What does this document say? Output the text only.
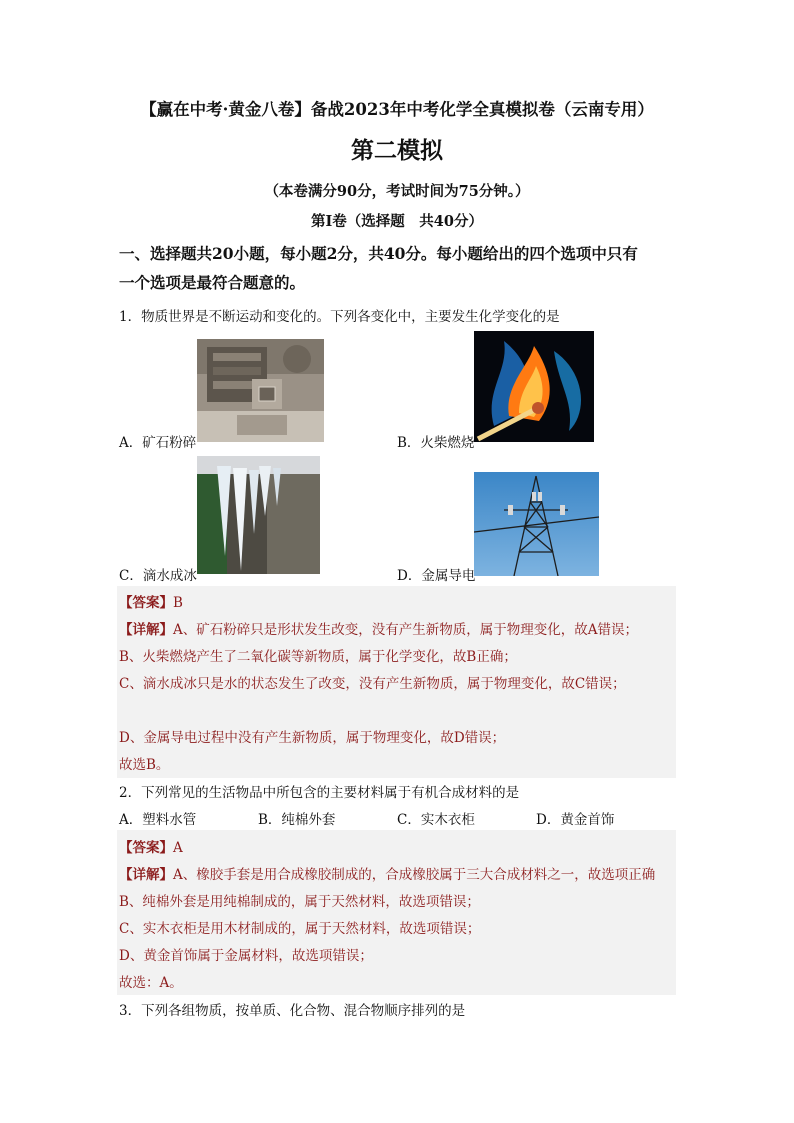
【赢在中考·黄金八卷】备战2023年中考化学全真模拟卷（云南专用）
第二模拟
（本卷满分90分，考试时间为75分钟。）
第I卷（选择题　共40分）
一、选择题共20小题，每小题2分，共40分。每小题给出的四个选项中只有
一个选项是最符合题意的。
1．物质世界是不断运动和变化的。下列各变化中，主要发生化学变化的是
A．矿石粉碎	B．火柴燃烧
C．滴水成冰	D．金属导电
【答案】B
【详解】A、矿石粉碎只是形状发生改变，没有产生新物质，属于物理变化，故A错误；
B、火柴燃烧产生了二氧化碳等新物质，属于化学变化，故B正确；
C、滴水成冰只是水的状态发生了改变，没有产生新物质，属于物理变化，故C错误；
D、金属导电过程中没有产生新物质，属于物理变化，故D错误；
故选B。
2．下列常见的生活物品中所包含的主要材料属于有机合成材料的是
A．塑料水管	B．纯棉外套	C．实木衣柜	D．黄金首饰
【答案】A
【详解】A、橡胶手套是用合成橡胶制成的，合成橡胶属于三大合成材料之一，故选项正确
B、纯棉外套是用纯棉制成的，属于天然材料，故选项错误；
C、实木衣柜是用木材制成的，属于天然材料，故选项错误；
D、黄金首饰属于金属材料，故选项错误；
故选：A。
3．下列各组物质，按单质、化合物、混合物顺序排列的是
